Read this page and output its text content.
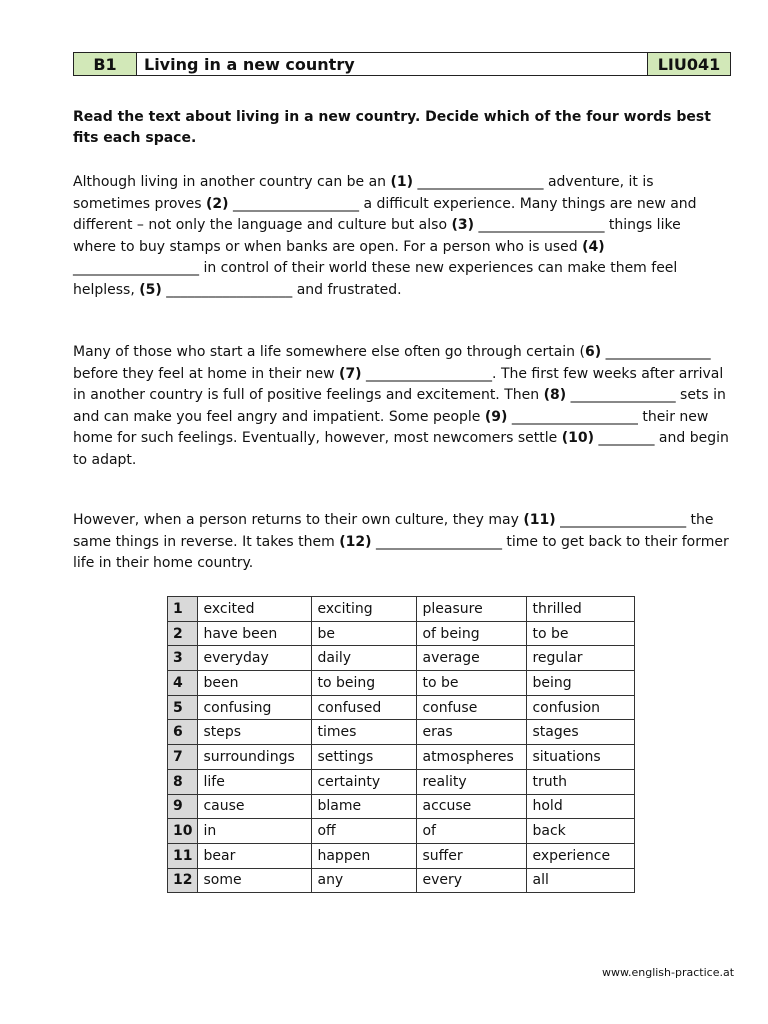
B1	Living in a new country	LIU041
Read the text about living in a new country. Decide which of the four words best fits each space.
Although living in another country can be an (1) __________________ adventure, it is sometimes proves (2) __________________ a difficult experience. Many things are new and different – not only the language and culture but also (3) __________________ things like where to buy stamps or when banks are open. For a person who is used (4) __________________ in control of their world these new experiences can make them feel helpless, (5) __________________ and frustrated.
Many of those who start a life somewhere else often go through certain (6) _______________ before they feel at home in their new (7) __________________. The first few weeks after arrival in another country is full of positive feelings and excitement. Then (8) _______________ sets in and can make you feel angry and impatient. Some people (9) __________________ their new home for such feelings. Eventually, however, most newcomers settle (10) ________ and begin to adapt.
However, when a person returns to their own culture, they may (11) __________________ the same things in reverse. It takes them (12) __________________ time to get back to their former life in their home country.
1	excited	exciting	pleasure	thrilled
2	have been	be	of being	to be
3	everyday	daily	average	regular
4	been	to being	to be	being
5	confusing	confused	confuse	confusion
6	steps	times	eras	stages
7	surroundings	settings	atmospheres	situations
8	life	certainty	reality	truth
9	cause	blame	accuse	hold
10	in	off	of	back
11	bear	happen	suffer	experience
12	some	any	every	all
www.english-practice.at
